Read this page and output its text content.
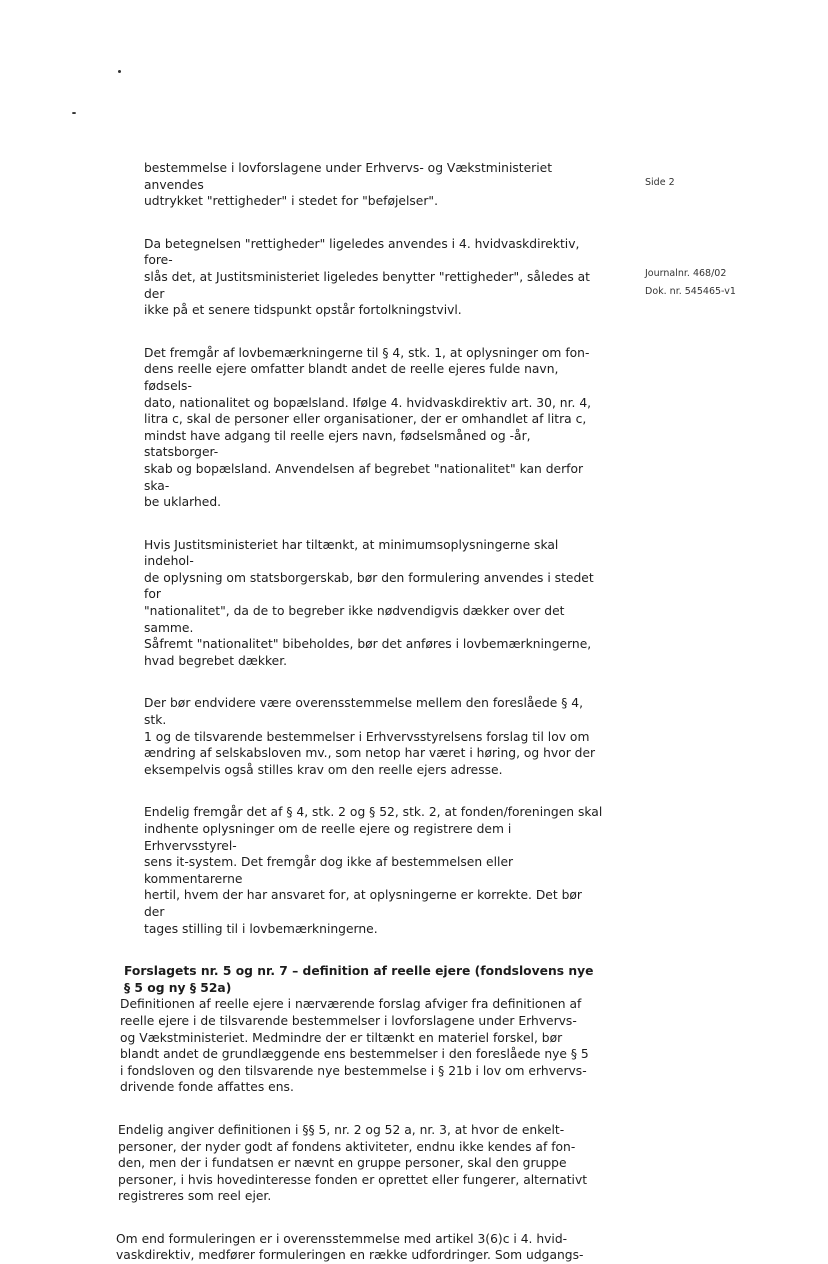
Side 2
Journalnr. 468/02
Dok. nr. 545465-v1

bestemmelse i lovforslagene under Erhvervs- og Vækstministeriet anvendes
udtrykket "rettigheder" i stedet for "beføjelser".

Da betegnelsen "rettigheder" ligeledes anvendes i 4. hvidvaskdirektiv, fore-
slås det, at Justitsministeriet ligeledes benytter "rettigheder", således at der
ikke på et senere tidspunkt opstår fortolkningstvivl.

Det fremgår af lovbemærkningerne til § 4, stk. 1, at oplysninger om fon-
dens reelle ejere omfatter blandt andet de reelle ejeres fulde navn, fødsels-
dato, nationalitet og bopælsland. Ifølge 4. hvidvaskdirektiv art. 30, nr. 4,
litra c, skal de personer eller organisationer, der er omhandlet af litra c,
mindst have adgang til reelle ejers navn, fødselsmåned og -år, statsborger-
skab og bopælsland. Anvendelsen af begrebet "nationalitet" kan derfor ska-
be uklarhed.

Hvis Justitsministeriet har tiltænkt, at minimumsoplysningerne skal indehol-
de oplysning om statsborgerskab, bør den formulering anvendes i stedet for
"nationalitet", da de to begreber ikke nødvendigvis dækker over det samme.
Såfremt "nationalitet" bibeholdes, bør det anføres i lovbemærkningerne,
hvad begrebet dækker.

Der bør endvidere være overensstemmelse mellem den foreslåede § 4, stk.
1 og de tilsvarende bestemmelser i Erhvervsstyrelsens forslag til lov om
ændring af selskabsloven mv., som netop har været i høring, og hvor der
eksempelvis også stilles krav om den reelle ejers adresse.

Endelig fremgår det af § 4, stk. 2 og § 52, stk. 2, at fonden/foreningen skal
indhente oplysninger om de reelle ejere og registrere dem i Erhvervsstyrel-
sens it-system. Det fremgår dog ikke af bestemmelsen eller kommentarerne
hertil, hvem der har ansvaret for, at oplysningerne er korrekte. Det bør der
tages stilling til i lovbemærkningerne.

Forslagets nr. 5 og nr. 7 – definition af reelle ejere (fondslovens nye
§ 5 og ny § 52a)

Definitionen af reelle ejere i nærværende forslag afviger fra definitionen af
reelle ejere i de tilsvarende bestemmelser i lovforslagene under Erhvervs-
og Vækstministeriet. Medmindre der er tiltænkt en materiel forskel, bør
blandt andet de grundlæggende ens bestemmelser i den foreslåede nye § 5
i fondsloven og den tilsvarende nye bestemmelse i § 21b i lov om erhvervs-
drivende fonde affattes ens.

Endelig angiver definitionen i §§ 5, nr. 2 og 52 a, nr. 3, at hvor de enkelt-
personer, der nyder godt af fondens aktiviteter, endnu ikke kendes af fon-
den, men der i fundatsen er nævnt en gruppe personer, skal den gruppe
personer, i hvis hovedinteresse fonden er oprettet eller fungerer, alternativt
registreres som reel ejer.

Om end formuleringen er i overensstemmelse med artikel 3(6)c i 4. hvid-
vaskdirektiv, medfører formuleringen en række udfordringer. Som udgangs-
